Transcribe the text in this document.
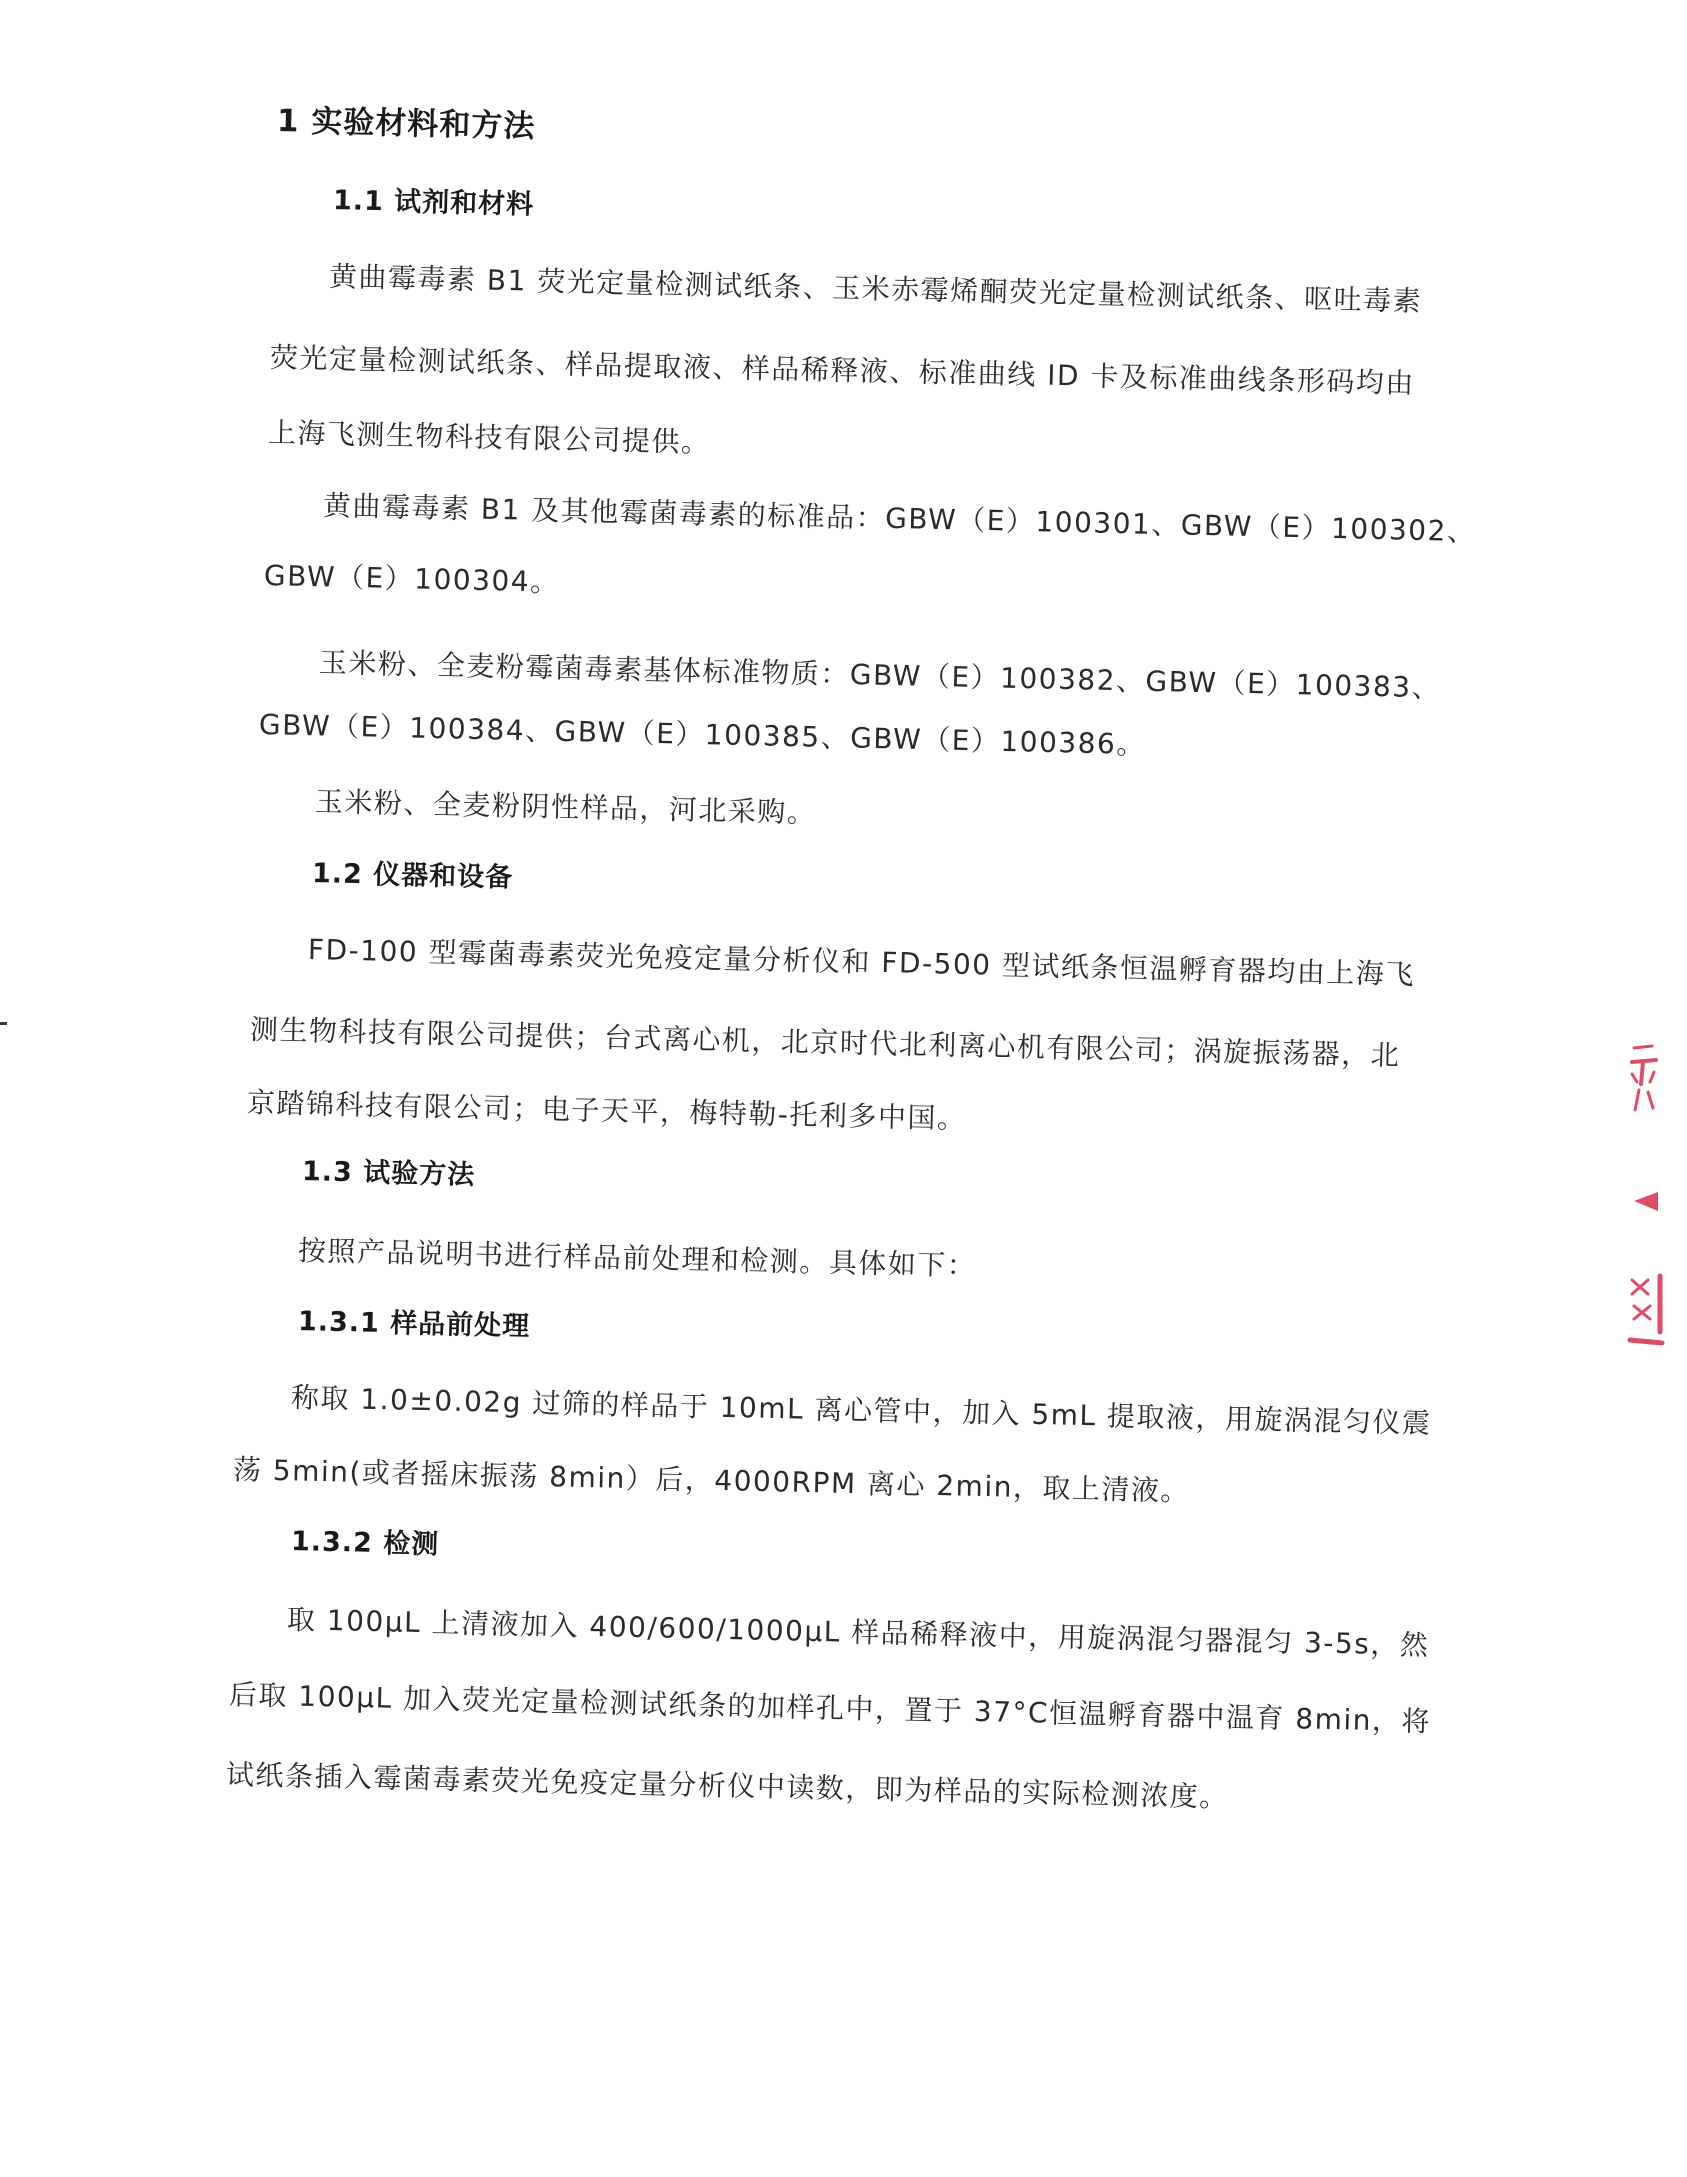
1 实验材料和方法
1.1 试剂和材料
黄曲霉毒素 B1 荧光定量检测试纸条、玉米赤霉烯酮荧光定量检测试纸条、呕吐毒素
荧光定量检测试纸条、样品提取液、样品稀释液、标准曲线 ID 卡及标准曲线条形码均由
上海飞测生物科技有限公司提供。
黄曲霉毒素 B1 及其他霉菌毒素的标准品：GBW（E）100301、GBW（E）100302、
GBW（E）100304。
玉米粉、全麦粉霉菌毒素基体标准物质：GBW（E）100382、GBW（E）100383、
GBW（E）100384、GBW（E）100385、GBW（E）100386。
玉米粉、全麦粉阴性样品，河北采购。
1.2 仪器和设备
FD-100 型霉菌毒素荧光免疫定量分析仪和 FD-500 型试纸条恒温孵育器均由上海飞
测生物科技有限公司提供；台式离心机，北京时代北利离心机有限公司；涡旋振荡器，北
京踏锦科技有限公司；电子天平，梅特勒-托利多中国。
1.3 试验方法
按照产品说明书进行样品前处理和检测。具体如下：
1.3.1 样品前处理
称取 1.0±0.02g 过筛的样品于 10mL 离心管中，加入 5mL 提取液，用旋涡混匀仪震
荡 5min(或者摇床振荡 8min）后，4000RPM 离心 2min，取上清液。
1.3.2 检测
取 100μL 上清液加入 400/600/1000μL 样品稀释液中，用旋涡混匀器混匀 3-5s，然
后取 100μL 加入荧光定量检测试纸条的加样孔中，置于 37°C恒温孵育器中温育 8min，将
试纸条插入霉菌毒素荧光免疫定量分析仪中读数，即为样品的实际检测浓度。
